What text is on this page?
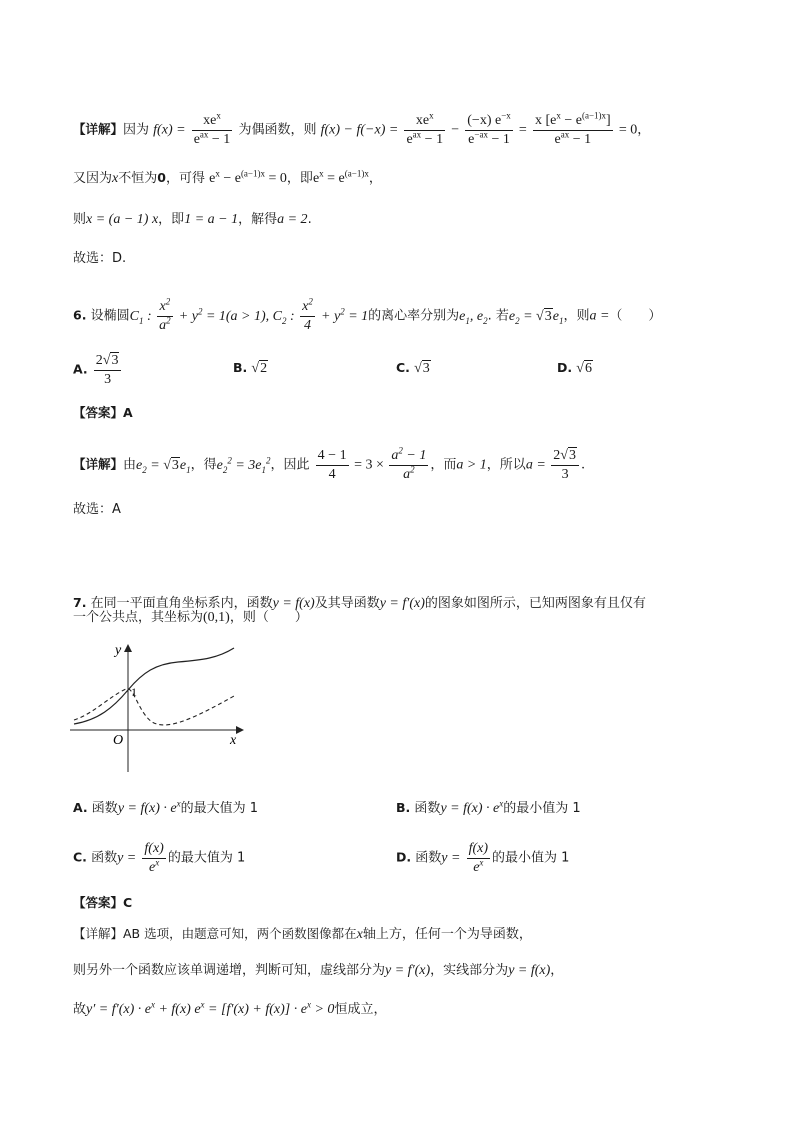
【详解】因为 $f(x) = \frac{xe^x}{e^{ax} - 1}$ 为偶函数，则 $f(x) - f(-x) = \frac{xe^x}{e^{ax} - 1} - \frac{(-x) e^{-x}}{e^{-ax} - 1} = \frac{x [e^x - e^{(a-1)x}]}{e^{ax} - 1} = 0$，
又因为x不恒为0，可得 $e^x - e^{(a-1)x} = 0$，即$e^x = e^{(a-1)x}$，
则x = (a − 1) x，即1 = a − 1，解得a = 2.
故选：D.
6. 设椭圆$C_1$ : $\frac{x^2}{a^2} + y^2 = 1(a > 1)$, $C_2$ : $\frac{x^2}{4} + y^2 = 1$的离心率分别为$e_1$, $e_2$. 若$e_2 = √3e_1$，则a =（　　）
A. $\frac{2√3}{3}$	B. √2	C. √3	D. √6
【答案】A
【详解】由$e_2 = √3e_1$，得$e_2^2 = 3e_1^2$，因此 $\frac{4 - 1}{4} = 3 \times \frac{a^2 - 1}{a^2}$ ，而a > 1，所以$a = \frac{2√3}{3}$ .
故选：A
7. 在同一平面直角坐标系内，函数y = f(x)及其导函数y = f′(x)的图象如图所示，已知两图象有且仅有
一个公共点，其坐标为(0,1)，则（　　）
y
x
O
1
A. 函数$y = f(x) \cdot e^x$的最大值为 1	B. 函数$y = f(x) \cdot e^x$的最小值为 1
C. 函数$y = \frac{f(x)}{e^x}$ 的最大值为 1	D. 函数$y = \frac{f(x)}{e^x}$ 的最小值为 1
【答案】C
【详解】AB 选项，由题意可知，两个函数图像都在x轴上方，任何一个为导函数，
则另外一个函数应该单调递增，判断可知，虚线部分为y = f′(x)，实线部分为y = f(x)，
故$y' = f'(x) \cdot e^x + f(x) e^x = [f'(x) + f(x)] \cdot e^x > 0$恒成立，
